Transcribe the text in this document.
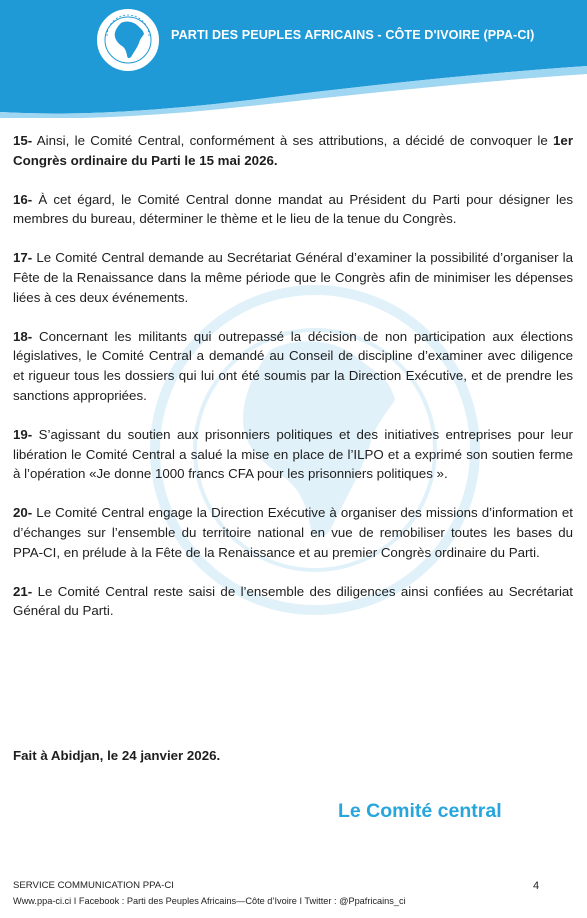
PARTI DES PEUPLES AFRICAINS - CÔTE D'IVOIRE (PPA-CI)

15- Ainsi, le Comité Central, conformément à ses attributions, a décidé de convoquer le 1er Congrès ordinaire du Parti le 15 mai 2026.

16- À cet égard, le Comité Central donne mandat au Président du Parti pour désigner les membres du bureau, déterminer le thème et le lieu de la tenue du Congrès.

17- Le Comité Central demande au Secrétariat Général d’examiner la possibilité d’organiser la Fête de la Renaissance dans la même période que le Congrès afin de minimiser les dépenses liées à ces deux événements.

18- Concernant les militants qui outrepassé la décision de non participation aux élections législatives, le Comité Central a demandé au Conseil de discipline d’examiner avec diligence et rigueur tous les dossiers qui lui ont été soumis par la Direction Exécutive, et de prendre les sanctions appropriées.

19- S’agissant du soutien aux prisonniers politiques et des initiatives entreprises pour leur libération le Comité Central a salué la mise en place de l’ILPO et a exprimé son soutien ferme à l’opération «Je donne 1000 francs CFA pour les prisonniers politiques ».

20- Le Comité Central engage la Direction Exécutive à organiser des missions d’information et d’échanges sur l’ensemble du territoire national en vue de remobiliser toutes les bases du PPA-CI, en prélude à la Fête de la Renaissance et au premier Congrès ordinaire du Parti.

21- Le Comité Central reste saisi de l’ensemble des diligences ainsi confiées au Secrétariat Général du Parti.

Fait à Abidjan, le 24 janvier 2026.
Le Comité central
SERVICE COMMUNICATION PPA-CI
Www.ppa-ci.ci I Facebook : Parti des Peuples Africains—Côte d’Ivoire I Twitter : @Ppafricains_ci
4
